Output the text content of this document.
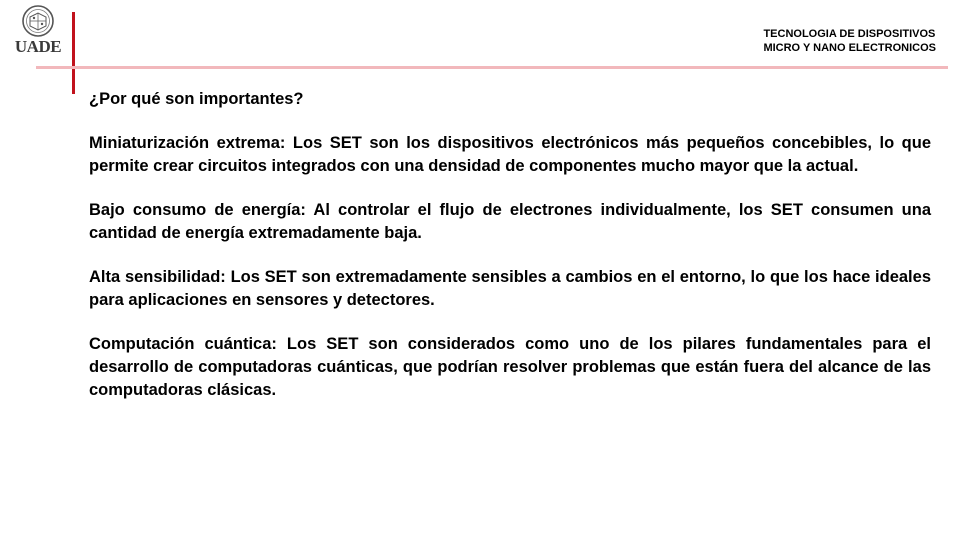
UADE
TECNOLOGIA DE DISPOSITIVOS
MICRO Y NANO ELECTRONICOS

¿Por qué son importantes?

Miniaturización extrema: Los SET son los dispositivos electrónicos más pequeños concebibles, lo que permite crear circuitos integrados con una densidad de componentes mucho mayor que la actual.

Bajo consumo de energía: Al controlar el flujo de electrones individualmente, los SET consumen una cantidad de energía extremadamente baja.

Alta sensibilidad: Los SET son extremadamente sensibles a cambios en el entorno, lo que los hace ideales para aplicaciones en sensores y detectores.

Computación cuántica: Los SET son considerados como uno de los pilares fundamentales para el desarrollo de computadoras cuánticas, que podrían resolver problemas que están fuera del alcance de las computadoras clásicas.
